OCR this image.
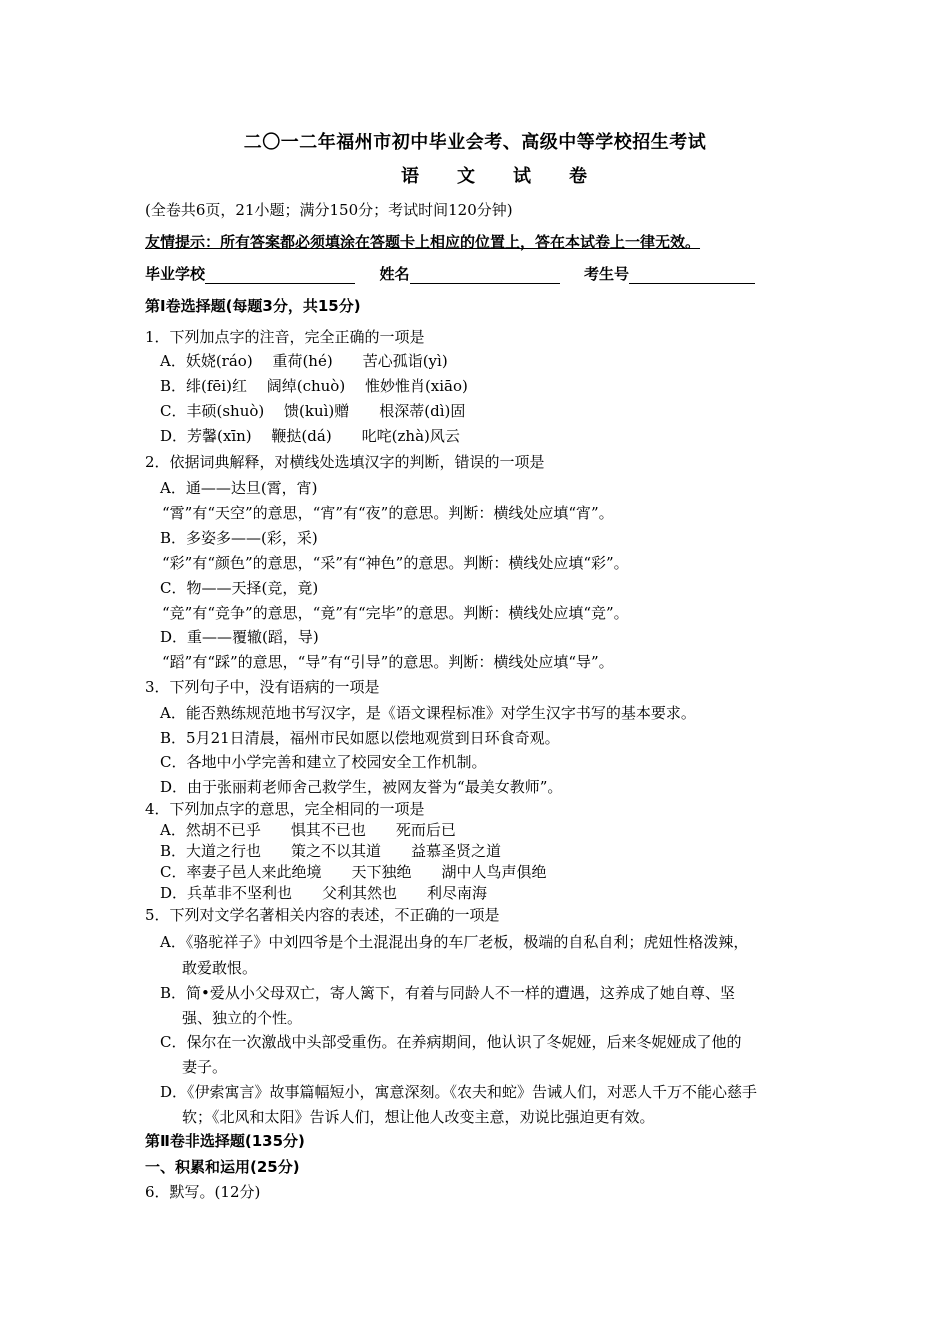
二〇一二年福州市初中毕业会考、高级中等学校招生考试
语文试卷
(全卷共6页，21小题；满分150分；考试时间120分钟)
友情提示：所有答案都必须填涂在答题卡上相应的位置上，答在本试卷上一律无效。
毕业学校	姓名	考生号
第Ⅰ卷选择题(每题3分，共15分)
1．下列加点字的注音，完全正确的一项是
A．妖娆(ráo)　 重荷(hé)　　苦心孤诣(yì)
B．绯(fēi)红　 阔绰(chuò)　 惟妙惟肖(xiāo)
C．丰硕(shuò)　 馈(kuì)赠　　根深蒂(dì)固
D．芳馨(xīn)　 鞭挞(dá)　　叱咤(zhà)风云
2．依据词典解释，对横线处选填汉字的判断，错误的一项是
A．通——达旦(霄，宵)
“霄”有“天空”的意思，“宵”有“夜”的意思。判断：横线处应填“宵”。
B．多姿多——(彩，采)
“彩”有“颜色”的意思，“采”有“神色”的意思。判断：横线处应填“彩”。
C．物——天择(竞，竟)
“竞”有“竞争”的意思，“竟”有“完毕”的意思。判断：横线处应填“竞”。
D．重——覆辙(蹈，导)
“蹈”有“踩”的意思，“导”有“引导”的意思。判断：横线处应填“导”。
3．下列句子中，没有语病的一项是
A．能否熟练规范地书写汉字，是《语文课程标准》对学生汉字书写的基本要求。
B．5月21日清晨，福州市民如愿以偿地观赏到日环食奇观。
C．各地中小学完善和建立了校园安全工作机制。
D．由于张丽莉老师舍己救学生，被网友誉为“最美女教师”。
4．下列加点字的意思，完全相同的一项是
A．然胡不已乎　　惧其不已也　　死而后已
B．大道之行也　　策之不以其道　　益慕圣贤之道
C．率妻子邑人来此绝境　　天下独绝　　湖中人鸟声俱绝
D．兵革非不坚利也　　父利其然也　　利尽南海
5．下列对文学名著相关内容的表述，不正确的一项是
A．《骆驼祥子》中刘四爷是个土混混出身的车厂老板，极端的自私自利；虎妞性格泼辣，
敢爱敢恨。
B．简•爱从小父母双亡，寄人篱下，有着与同龄人不一样的遭遇，这养成了她自尊、坚
强、独立的个性。
C．保尔在一次激战中头部受重伤。在养病期间，他认识了冬妮娅，后来冬妮娅成了他的
妻子。
D．《伊索寓言》故事篇幅短小，寓意深刻。《农夫和蛇》告诫人们，对恶人千万不能心慈手
软；《北风和太阳》告诉人们，想让他人改变主意，劝说比强迫更有效。
第Ⅱ卷非选择题(135分)
一、积累和运用(25分)
6．默写。(12分)
